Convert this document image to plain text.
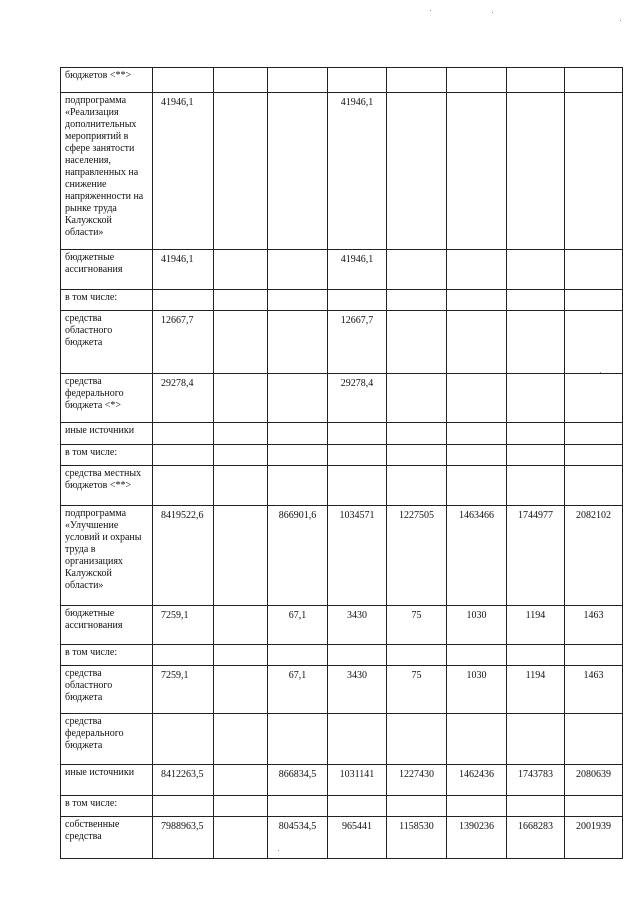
бюджетов <**>								
подпрограмма «Реализация дополнительных мероприятий в сфере занятости населения, направленных на снижение напряженности на рынке труда Калужской области»	41946,1			41946,1				
бюджетные ассигнования	41946,1			41946,1				
в том числе:								
средства областного бюджета	12667,7			12667,7				
средства федерального бюджета <*>	29278,4			29278,4				
иные источники								
в том числе:								
средства местных бюджетов <**>								
подпрограмма «Улучшение условий и охраны труда в организациях Калужской области»	8419522,6		866901,6	1034571	1227505	1463466	1744977	2082102
бюджетные ассигнования	7259,1		67,1	3430	75	1030	1194	1463
в том числе:								
средства областного бюджета	7259,1		67,1	3430	75	1030	1194	1463
средства федерального бюджета								
иные источники	8412263,5		866834,5	1031141	1227430	1462436	1743783	2080639
в том числе:								
собственные средства	7988963,5		804534,5	965441	1158530	1390236	1668283	2001939
